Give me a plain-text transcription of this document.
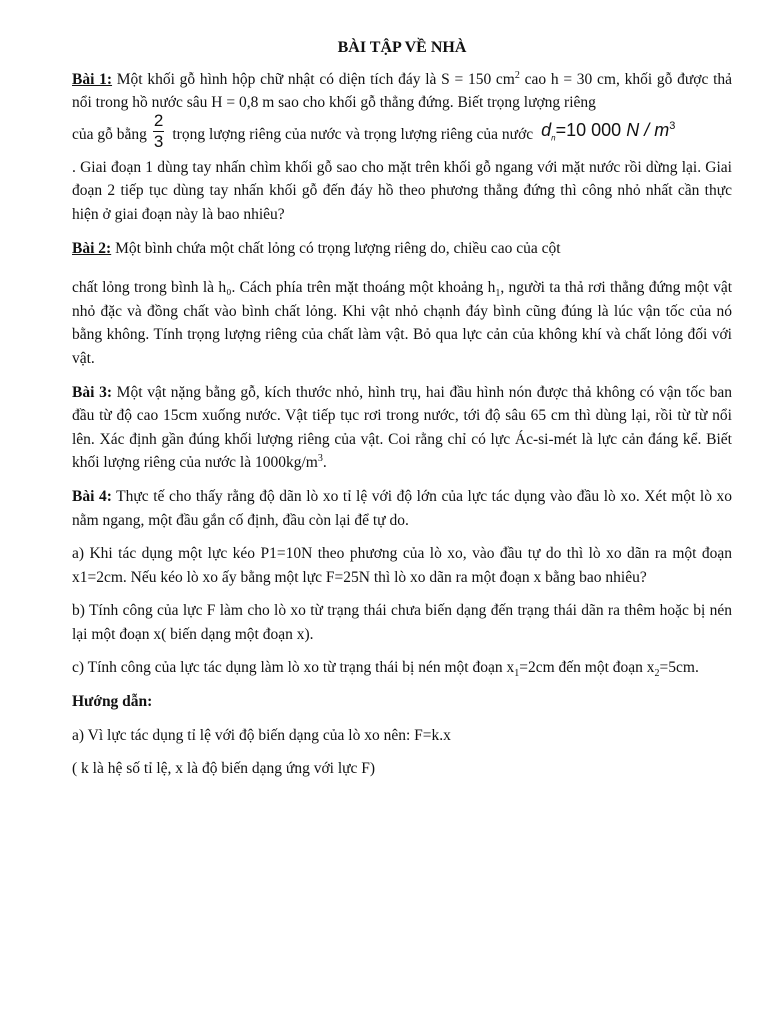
BÀI TẬP VỀ NHÀ

Bài 1: Một khối gỗ hình hộp chữ nhật có diện tích đáy là S = 150 $cm^2$ cao h = 30 cm, khối gỗ được thả nổi trong hồ nước sâu H = 0,8 m sao cho khối gỗ thẳng đứng. Biết trọng lượng riêng
của gỗ bằng $\frac{2}{3}$ trọng lượng riêng của nước và trọng lượng riêng của nước $d_n=10$ 000 N / $m^3$
. Giai đoạn 1 dùng tay nhấn chìm khối gỗ sao cho mặt trên khối gỗ ngang với mặt nước rồi dừng lại. Giai đoạn 2 tiếp tục dùng tay nhấn khối gỗ đến đáy hồ theo phương thẳng đứng thì công nhỏ nhất cần thực hiện ở giai đoạn này là bao nhiêu?

Bài 2: Một bình chứa một chất lỏng có trọng lượng riêng do, chiều cao của cột

chất lỏng trong bình là h₀. Cách phía trên mặt thoáng một khoảng $h_1$, người ta thả rơi thẳng đứng một vật nhỏ đặc và đồng chất vào bình chất lỏng. Khi vật nhỏ chạnh đáy bình cũng đúng là lúc vận tốc của nó bằng không. Tính trọng lượng riêng của chất làm vật. Bỏ qua lực cản của không khí và chất lỏng đối với vật.

Bài 3: Một vật nặng bằng gỗ, kích thước nhỏ, hình trụ, hai đầu hình nón được thả không có vận tốc ban đầu từ độ cao 15cm xuống nước. Vật tiếp tục rơi trong nước, tới độ sâu 65 cm thì dùng lại, rồi từ từ nổi lên. Xác định gần đúng khối lượng riêng của vật. Coi rằng chỉ có lực Ác-si-mét là lực cản đáng kể. Biết khối lượng riêng của nước là $1000kg/m^3$.

Bài 4: Thực tế cho thấy rằng độ dãn lò xo tỉ lệ với độ lớn của lực tác dụng vào đầu lò xo. Xét một lò xo nằm ngang, một đầu gắn cố định, đầu còn lại để tự do.

a) Khi tác dụng một lực kéo P1=10N theo phương của lò xo, vào đầu tự do thì lò xo dãn ra một đoạn x1=2cm. Nếu kéo lò xo ấy bằng một lực F=25N thì lò xo dãn ra một đoạn x bằng bao nhiêu?

b) Tính công của lực F làm cho lò xo từ trạng thái chưa biến dạng đến trạng thái dãn ra thêm hoặc bị nén lại một đoạn x( biến dạng một đoạn x).

c) Tính công của lực tác dụng làm lò xo từ trạng thái bị nén một đoạn $x_1=2cm$ đến một đoạn $x_2=5cm$.

Hướng dẫn:

a) Vì lực tác dụng tỉ lệ với độ biến dạng của lò xo nên: F=k.x

( k là hệ số tỉ lệ, x là độ biến dạng ứng với lực F)
